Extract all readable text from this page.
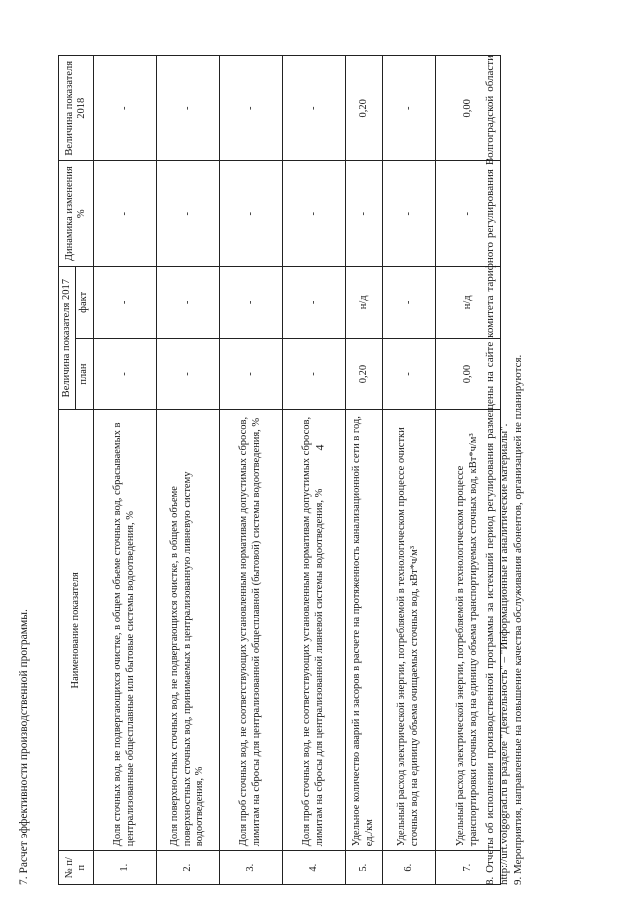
4
7. Расчет эффективности производственной программы.	№ п/п	Наименование показателя	Величина показателя 2017		Динамика изменения %	Величина показателя 2018
		план	факт		
1.	Доля сточных вод, не подвергающихся очистке, в общем объеме сточных вод, сбрасываемых в централизованные общесплавные или бытовые системы водоотведения, %	-	-	-	-
2.	Доля поверхностных сточных вод, не подвергающихся очистке, в общем объеме поверхностных сточных вод, принимаемых в централизованную ливневую систему водоотведения, %	-	-	-	-
3.	Доля проб сточных вод, не соответствующих установленным нормативам допустимых сбросов, лимитам на сбросы для централизованной общесплавной (бытовой) системы водоотведения, %	-	-	-	-
4.	Доля проб сточных вод, не соответствующих установленным нормативам допустимых сбросов, лимитам на сбросы для централизованной ливневой системы водоотведения, %	-	-	-	-
5.	Удельное количество аварий и засоров в расчете на протяженность канализационной сети в год, ед./км	0,20	н/д	-	0,20
6.	Удельный расход электрической энергии, потребляемой в технологическом процессе очистки сточных вод на единицу объема очищаемых сточных вод, кВт*ч/м³	-	-	-	-
7.	Удельный расход электрической энергии, потребляемой в технологическом процессе транспортировки сточных вод на единицу объема транспортируемых сточных вод, кВт*ч/м³	0,00	н/д	-	0,00 8. Отчеты об исполнении производственной программы за истекший период регулирования размещены на сайте комитета тарифного регулирования Волгоградской области http://urt.volgograd.ru в разделе "Деятельность" – "Информационные и аналитические материалы". 9. Мероприятия, направленные на повышение качества обслуживания абонентов, организацией не планируются.
